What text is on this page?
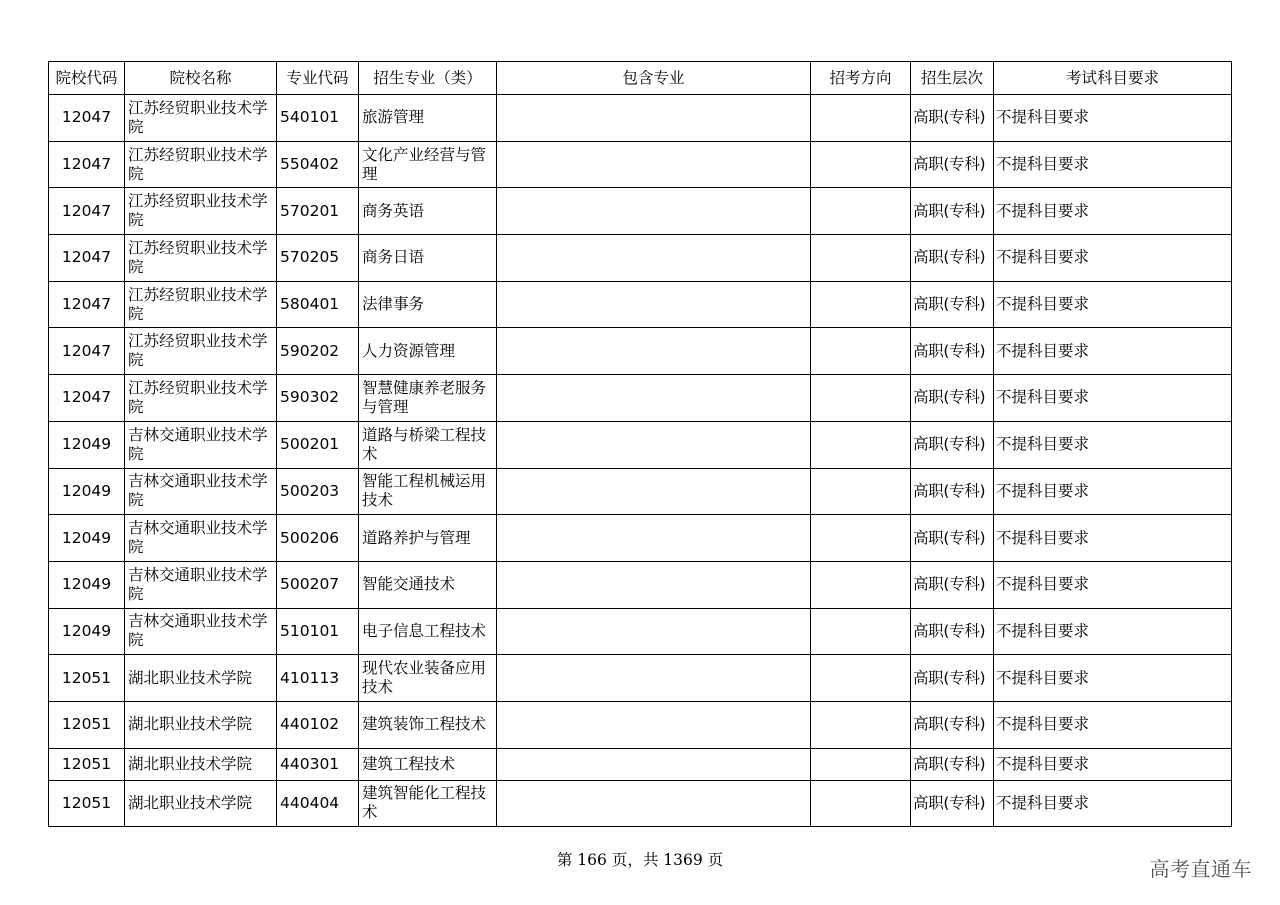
院校代码	院校名称	专业代码	招生专业（类）	包含专业	招考方向	招生层次	考试科目要求
12047	江苏经贸职业技术学院	540101	旅游管理			高职(专科)	不提科目要求
12047	江苏经贸职业技术学院	550402	文化产业经营与管理			高职(专科)	不提科目要求
12047	江苏经贸职业技术学院	570201	商务英语			高职(专科)	不提科目要求
12047	江苏经贸职业技术学院	570205	商务日语			高职(专科)	不提科目要求
12047	江苏经贸职业技术学院	580401	法律事务			高职(专科)	不提科目要求
12047	江苏经贸职业技术学院	590202	人力资源管理			高职(专科)	不提科目要求
12047	江苏经贸职业技术学院	590302	智慧健康养老服务与管理			高职(专科)	不提科目要求
12049	吉林交通职业技术学院	500201	道路与桥梁工程技术			高职(专科)	不提科目要求
12049	吉林交通职业技术学院	500203	智能工程机械运用技术			高职(专科)	不提科目要求
12049	吉林交通职业技术学院	500206	道路养护与管理			高职(专科)	不提科目要求
12049	吉林交通职业技术学院	500207	智能交通技术			高职(专科)	不提科目要求
12049	吉林交通职业技术学院	510101	电子信息工程技术			高职(专科)	不提科目要求
12051	湖北职业技术学院	410113	现代农业装备应用技术			高职(专科)	不提科目要求
12051	湖北职业技术学院	440102	建筑装饰工程技术			高职(专科)	不提科目要求
12051	湖北职业技术学院	440301	建筑工程技术			高职(专科)	不提科目要求
12051	湖北职业技术学院	440404	建筑智能化工程技术			高职(专科)	不提科目要求
第 166 页，共 1369 页	高考直通车
